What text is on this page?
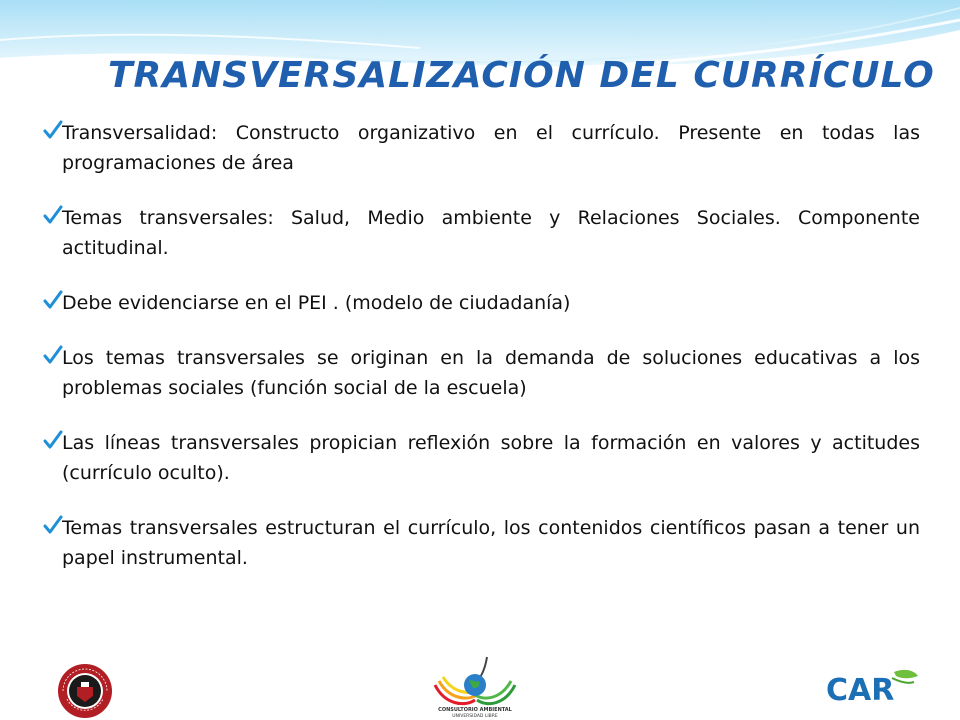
TRANSVERSALIZACIÓN DEL CURRÍCULO
Transversalidad: Constructo organizativo en el currículo. Presente en todas las programaciones de área
Temas transversales: Salud, Medio ambiente y Relaciones Sociales. Componente actitudinal.
Debe evidenciarse en el PEI . (modelo de ciudadanía)
Los temas transversales se originan en la demanda de soluciones educativas a los problemas sociales (función social de la escuela)
Las líneas transversales propician reflexión sobre la formación en valores y actitudes (currículo oculto).
Temas transversales estructuran el currículo, los contenidos científicos pasan a tener un papel instrumental.
CONSULTORIO AMBIENTAL
UNIVERSIDAD LIBRE
CAR
